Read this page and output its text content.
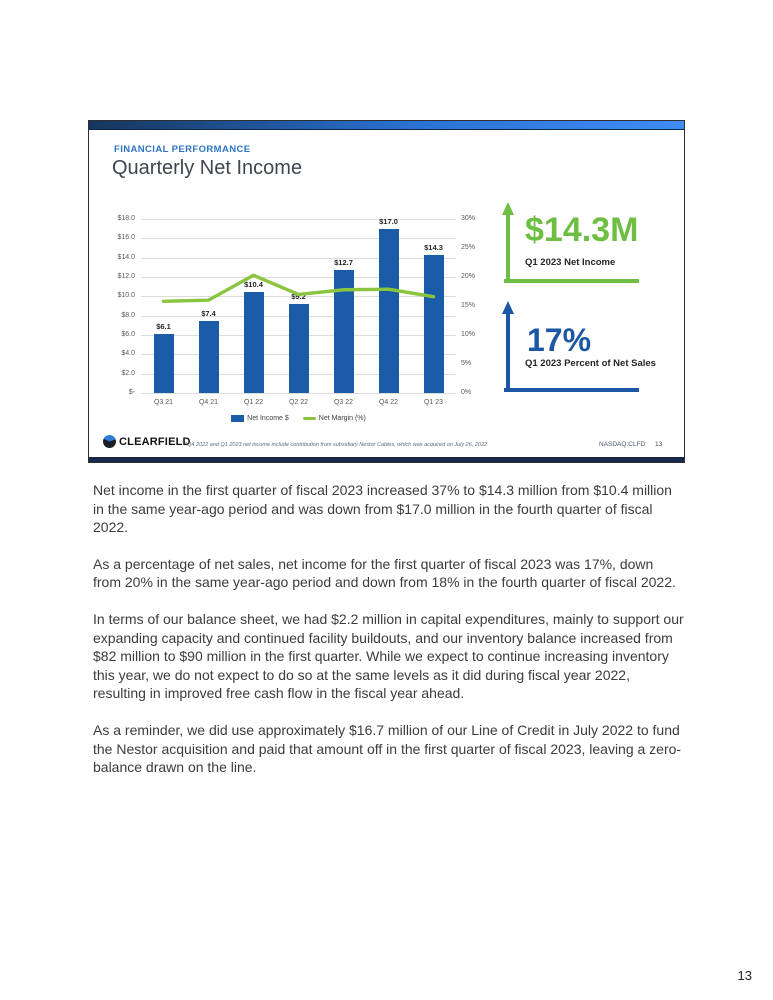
FINANCIAL PERFORMANCE
Quarterly Net Income
$18.0
$16.0
$14.0
$12.0
$10.0
$8.0
$6.0
$4.0
$2.0
$-
30%
25%
20%
15%
10%
5%
0%
$6.1
$7.4
$10.4
$9.2
$12.7
$17.0
$14.3
Q3 21	Q4 21	Q1 22	Q2 22	Q3 22	Q4 22	Q1 23
Net Income $	Net Margin (%)
$14.3M
Q1 2023 Net Income
17%
Q1 2023 Percent of Net Sales
CLEARFIELD
*Q4 2022 and Q1 2023 net income include contribution from subsidiary Nestor Cables, which was acquired on July 26, 2022	NASDAQ:CLFD 13

Net income in the first quarter of fiscal 2023 increased 37% to $14.3 million from $10.4 million in the same year-ago period and was down from $17.0 million in the fourth quarter of fiscal 2022.

As a percentage of net sales, net income for the first quarter of fiscal 2023 was 17%, down from 20% in the same year-ago period and down from 18% in the fourth quarter of fiscal 2022.

In terms of our balance sheet, we had $2.2 million in capital expenditures, mainly to support our expanding capacity and continued facility buildouts, and our inventory balance increased from $82 million to $90 million in the first quarter. While we expect to continue increasing inventory this year, we do not expect to do so at the same levels as it did during fiscal year 2022, resulting in improved free cash flow in the fiscal year ahead.

As a reminder, we did use approximately $16.7 million of our Line of Credit in July 2022 to fund the Nestor acquisition and paid that amount off in the first quarter of fiscal 2023, leaving a zero-balance drawn on the line.

13
